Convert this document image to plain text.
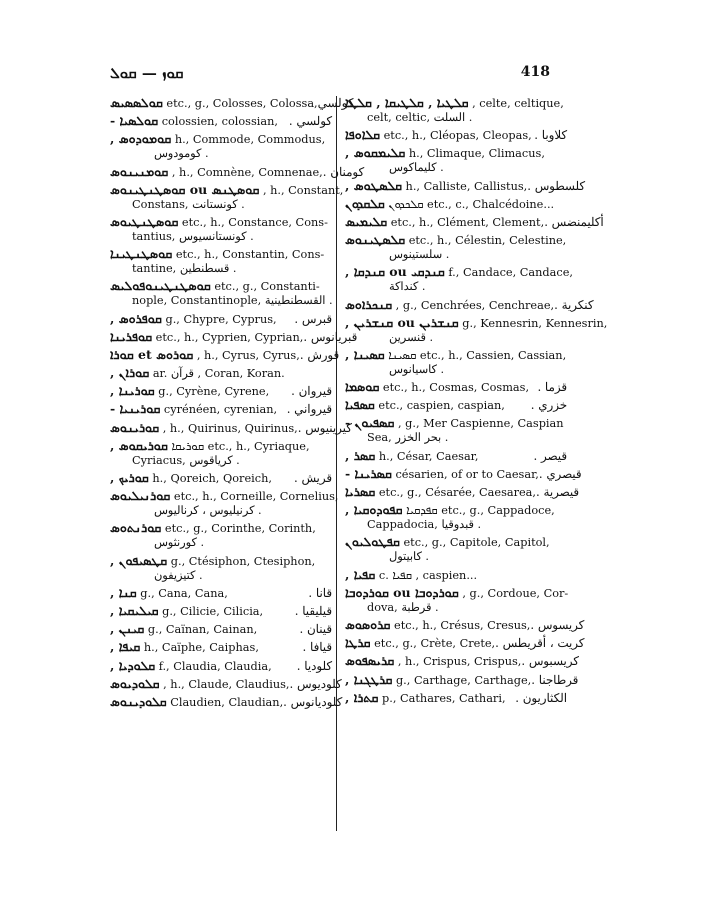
ܩܘܙ — ܩܘܠ	418
ܩܘܠܣܣܝܣ etc., g., Colosses, Colossa, كولسي
ܩܘܠܣܝܐ - colossien, colossian, كولسي .
ܩܘܡܘܕܘܣ , h., Commode, Commodus,
كومودوس .
ܩܘܡܢܝܢܘܣ , h., Comnène, Comnenae, كومنان .
ܩܘܣܛܢܣ ou ܩܘܣܛܢܛܝܢܘܣ , h., Constant,
Constans, كونستانت .
ܩܘܣܛܢܛܝܘܣ etc., h., Constance, Cons-
tantius, كونستانسيوس .
ܩܘܣܛܢܛܝܢܐ etc., h., Constantin, Cons-
tantine, قسطنطين .
ܩܘܣܛܢܛܝܢܘܦܘܠܝܣ etc., g., Constanti-
nople, Constantinople, القسطنطينية .
ܩܘܦܪܘܣ , g., Chypre, Cyprus, قبرس .
ܩܘܦܪܝܢܐ etc., h., Cyprien, Cyprian, قبريانوس .
ܩܘܪܘܣ et ܩܘܪܐ , h., Cyrus, Cyrus, قورش .
ܩܘܪܐܢ , ar. قرآن , Coran, Koran.
ܩܘܪܝܢܐ , g., Cyrène, Cyrene, قيروان .
ܩܘܪܝܢܝܐ - cyrénéen, cyrenian, قيرواني .
ܩܘܪܝܢܘܣ , h., Quirinus, Quirinus, كيرينيوس .
ܩܘܪܝܩܘܣ , ܩܘܪܝܩܐ etc., h., Cyriaque,
Cyriacus, كرياقوس .
ܩܘܪܝܟ , h., Qoreich, Qoreich, قريش .
ܩܘܪܢܝܠܝܘܣ etc., h., Corneille, Cornelius,
كرنيليوس ، كرناليوس .
ܩܘܪܢܬܘܣ etc., g., Corinthe, Corinth,
كورنثوس .
ܩܛܣܝܦܘܢ , g., Ctésiphon, Ctesiphon,
كتيزيفون .
ܩܢܐ , g., Cana, Cana,	قانا .
ܩܝܠܝܩܝܐ , g., Cilicie, Cilicia,	قيليقيا .
ܩܝܢܢ , g., Caïnan, Cainan,	قينان .
ܩܝܦܐ , h., Caïphe, Caiphas,	قيافا .
ܩܠܘܕܝܐ , f., Claudia, Claudia, كلوديا .
ܩܠܘܕܝܘܣ , h., Claude, Claudius, كلوديوس .
ܩܠܘܕܝܢܘܣ Claudien, Claudian, كلوديانوس .
ܩܠܛܝܐ , ܩܠܛܝܩܐ , ܩܠܛܐ , celte, celtique,
celt, celtic, السلت .
ܩܠܐܘܦܐ etc., h., Cléopas, Cleopas, كلاوبا .
ܩܠܝܡܩܘܣ , h., Climaque, Climacus,
كليماكوس .
ܩܠܣܛܘܣ , h., Calliste, Callistus, كلسطوس .
ܩܠܩܕܘܢ ܩܠܟܕܘܢ etc., c., Chalcédoine...
ܩܠܝܡܝܣ etc., h., Clément, Clement, أكليمنضس .
ܩܠܣܛܝܢܘܣ etc., h., Célestin, Celestine,
سلستينوس .
ܩܢܕܩܝ ou ܩܢܕܩܐ , f., Candace, Candace,
كنداكة .
ܩܢܟܪܐܘܣ , g., Cenchrées, Cenchreae, كنكرية .
ܩܢܫܪܝܢ ou ܩܢܫܪܝܢ , g., Kennesrin, Kennesrin,
قنسرين .
ܩܣܝܢܐ , ܩܣܝܢܐ etc., h., Cassien, Cassian,
كاسيانوس .
ܩܘܣܡܐ etc., h., Cosmas, Cosmas, قزما .
ܩܣܦܝܐ etc., caspien, caspian, خزري .
ܩܣܦܝܘܢ - , g., Mer Caspienne, Caspian
Sea, بحر الخزر .
ܩܣܪ , h., César, Caesar,	قيصر .
ܩܣܪܝܢܐ - césarien, of or to Caesar, قيصري .
ܩܣܪܝܐ etc., g., Césarée, Caesarea, قيصرية .
ܩܦܘܕܘܩܝܐ , ܩܦܕܩܝܐ etc., g., Cappadoce,
Cappadocia, قبدوقيا .
ܩܦܛܘܠܝܘܢ etc., g., Capitole, Capitol,
كابيتول .
ܩܦܝܐ , c. ܩܦܝܐ , caspien...
ܩܘܪܕܘܒܐ ou ܩܘܪܕܘܒܐ , g., Cordoue, Cor-
dova, قرطبة .
ܩܪܘܣܘܣ etc., h., Crésus, Cresus, كريسوس .
ܩܪܛܐ etc., g., Crète, Crete, كريت ، أقريطس .
ܩܪܝܣܦܘܣ , h., Crispus, Crispus, كريسبوس .
ܩܪܛܓܢܐ , g., Carthage, Carthage, قرطاجنا .
ܩܬܪܐ , p., Cathares, Cathari, الكثاريون .
